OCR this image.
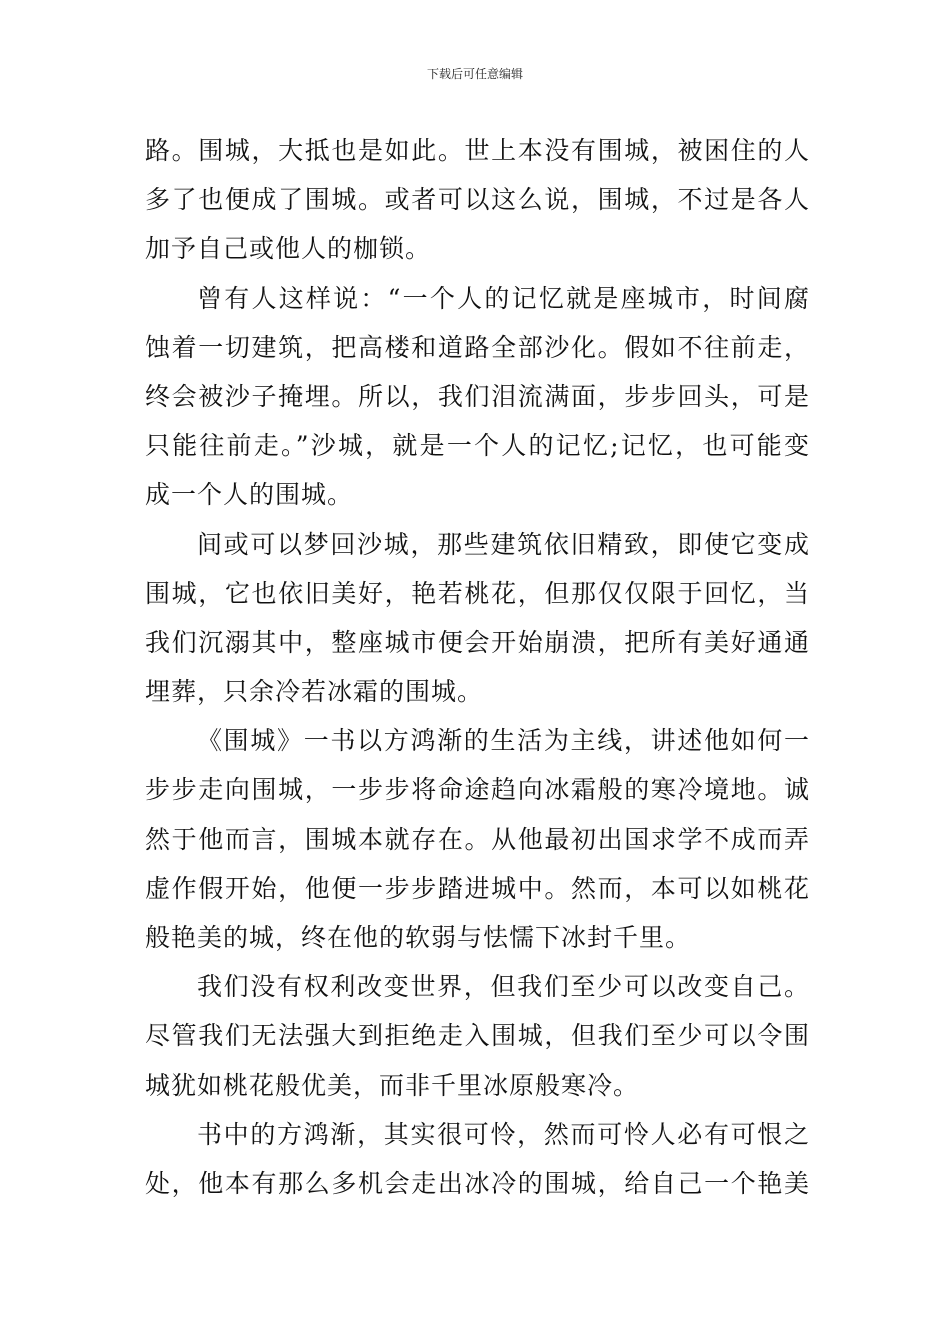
下载后可任意编辑
路。围城，大抵也是如此。世上本没有围城，被困住的人
多了也便成了围城。或者可以这么说，围城，不过是各人
加予自己或他人的枷锁。
曾有人这样说：“一个人的记忆就是座城市，时间腐
蚀着一切建筑，把高楼和道路全部沙化。假如不往前走，
终会被沙子掩埋。所以，我们泪流满面，步步回头，可是
只能往前走。”沙城，就是一个人的记忆;记忆，也可能变
成一个人的围城。
间或可以梦回沙城，那些建筑依旧精致，即使它变成
围城，它也依旧美好，艳若桃花，但那仅仅限于回忆，当
我们沉溺其中，整座城市便会开始崩溃，把所有美好通通
埋葬，只余冷若冰霜的围城。
《围城》一书以方鸿渐的生活为主线，讲述他如何一
步步走向围城，一步步将命途趋向冰霜般的寒冷境地。诚
然于他而言，围城本就存在。从他最初出国求学不成而弄
虚作假开始，他便一步步踏进城中。然而，本可以如桃花
般艳美的城，终在他的软弱与怯懦下冰封千里。
我们没有权利改变世界，但我们至少可以改变自己。
尽管我们无法强大到拒绝走入围城，但我们至少可以令围
城犹如桃花般优美，而非千里冰原般寒冷。
书中的方鸿渐，其实很可怜，然而可怜人必有可恨之
处，他本有那么多机会走出冰冷的围城，给自己一个艳美
